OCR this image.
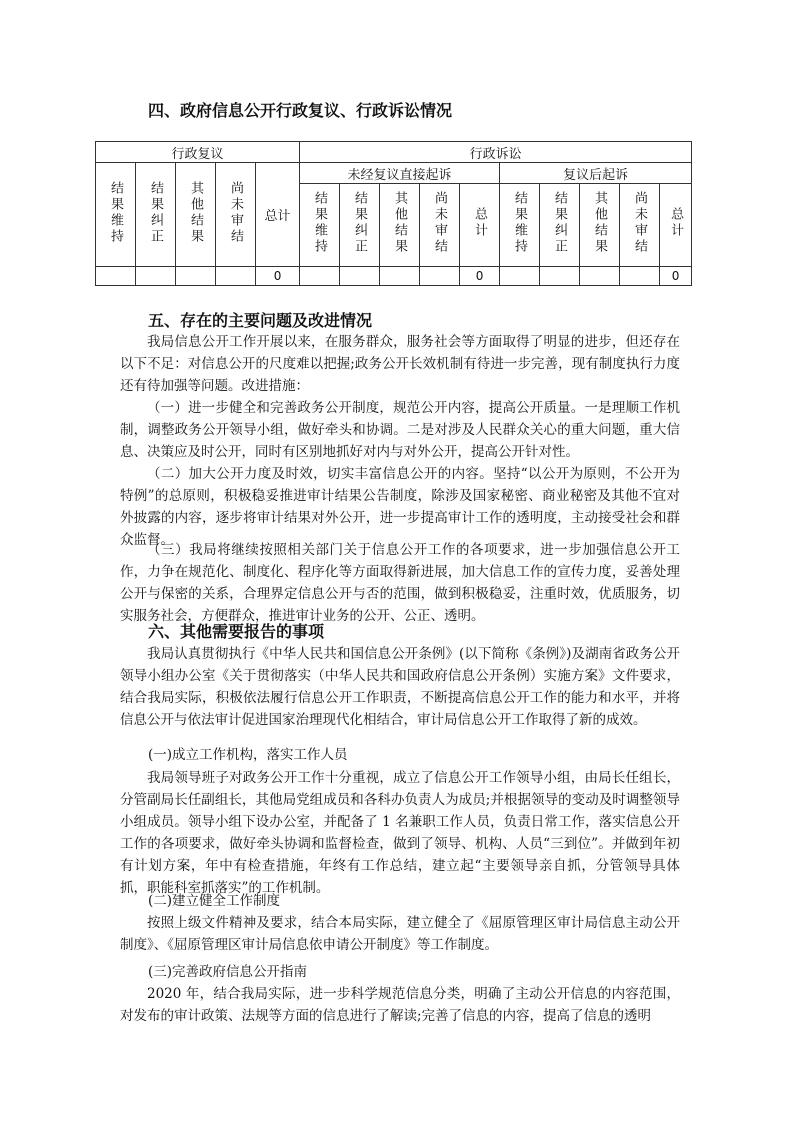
四、政府信息公开行政复议、行政诉讼情况
行政复议					行政诉讼									
结果维持	结果纠正	其他结果	尚未审结	总计	未经复议直接起诉					复议后起诉				
					结果维持	结果纠正	其他结果	尚未审结	总计	结果维持	结果纠正	其他结果	尚未审结	总计
				0					0					0
五、存在的主要问题及改进情况

我局信息公开工作开展以来，在服务群众，服务社会等方面取得了明显的进步，但还存在以下不足：对信息公开的尺度难以把握;政务公开长效机制有待进一步完善，现有制度执行力度还有待加强等问题。改进措施：

（一）进一步健全和完善政务公开制度，规范公开内容，提高公开质量。一是理顺工作机制，调整政务公开领导小组，做好牵头和协调。二是对涉及人民群众关心的重大问题，重大信息、决策应及时公开，同时有区别地抓好对内与对外公开，提高公开针对性。

（二）加大公开力度及时效，切实丰富信息公开的内容。坚持“以公开为原则，不公开为特例”的总原则，积极稳妥推进审计结果公告制度，除涉及国家秘密、商业秘密及其他不宜对外披露的内容，逐步将审计结果对外公开，进一步提高审计工作的透明度，主动接受社会和群众监督。

（三）我局将继续按照相关部门关于信息公开工作的各项要求，进一步加强信息公开工作，力争在规范化、制度化、程序化等方面取得新进展，加大信息工作的宣传力度，妥善处理公开与保密的关系，合理界定信息公开与否的范围，做到积极稳妥，注重时效，优质服务，切实服务社会，方便群众，推进审计业务的公开、公正、透明。

六、其他需要报告的事项

我局认真贯彻执行《中华人民共和国信息公开条例》(以下简称《条例》)及湖南省政务公开领导小组办公室《关于贯彻落实（中华人民共和国政府信息公开条例）实施方案》文件要求，结合我局实际，积极依法履行信息公开工作职责，不断提高信息公开工作的能力和水平，并将信息公开与依法审计促进国家治理现代化相结合，审计局信息公开工作取得了新的成效。

(一)成立工作机构，落实工作人员

我局领导班子对政务公开工作十分重视，成立了信息公开工作领导小组，由局长任组长，分管副局长任副组长，其他局党组成员和各科办负责人为成员;并根据领导的变动及时调整领导小组成员。领导小组下设办公室，并配备了 1 名兼职工作人员，负责日常工作，落实信息公开工作的各项要求，做好牵头协调和监督检查，做到了领导、机构、人员“三到位”。并做到年初有计划方案，年中有检查措施，年终有工作总结，建立起“主要领导亲自抓，分管领导具体抓，职能科室抓落实”的工作机制。

(二)建立健全工作制度

按照上级文件精神及要求，结合本局实际，建立健全了《屈原管理区审计局信息主动公开制度》、《屈原管理区审计局信息依申请公开制度》等工作制度。

(三)完善政府信息公开指南

2020 年，结合我局实际，进一步科学规范信息分类，明确了主动公开信息的内容范围，对发布的审计政策、法规等方面的信息进行了解读;完善了信息的内容，提高了信息的透明
